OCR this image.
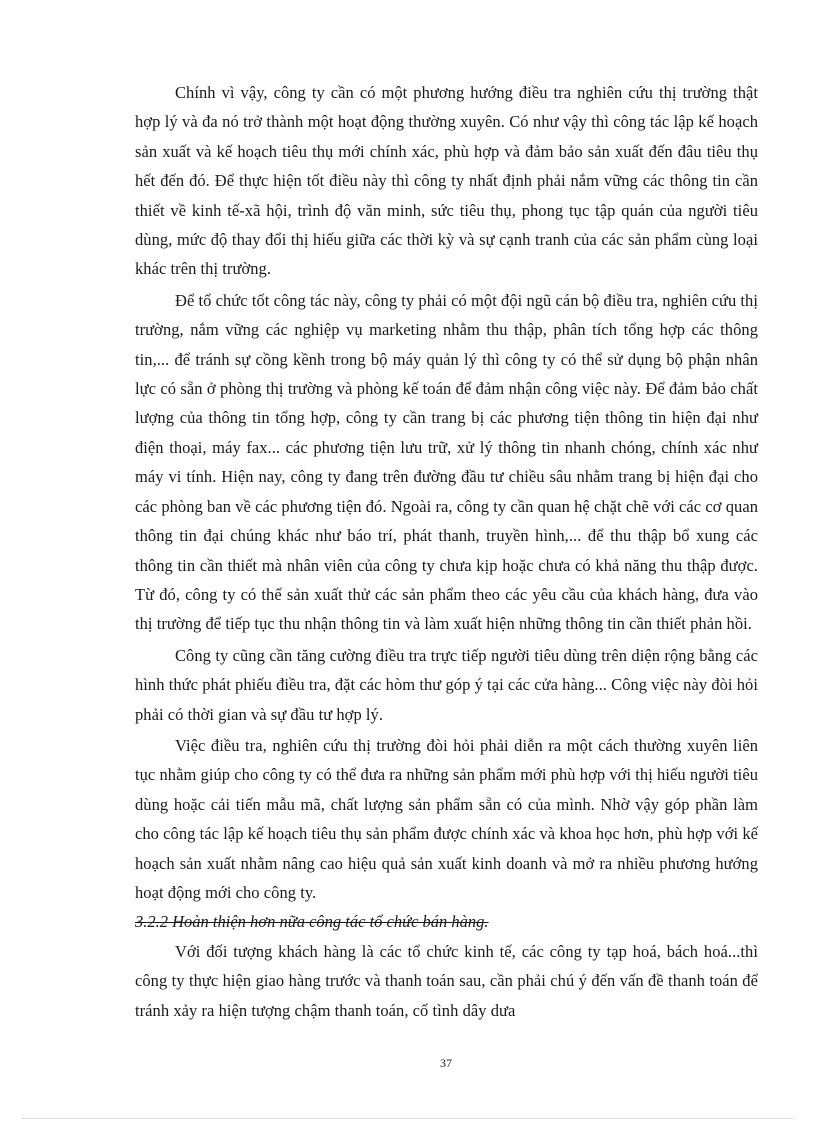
Chính vì vậy, công ty cần có một phương hướng điều tra nghiên cứu thị trường thật hợp lý và đa nó trở thành một hoạt động thường xuyên. Có như vậy thì công tác lập kế hoạch sản xuất và kế hoạch tiêu thụ mới chính xác, phù hợp và đảm bảo sản xuất đến đâu tiêu thụ hết đến đó. Để thực hiện tốt điều này thì công ty nhất định phải nắm vững các thông tin cần thiết về kinh tế-xã hội, trình độ văn minh, sức tiêu thụ, phong tục tập quán của người tiêu dùng, mức độ thay đổi thị hiếu giữa các thời kỳ và sự cạnh tranh của các sản phẩm cùng loại khác trên thị trường.

Để tổ chức tốt công tác này, công ty phải có một đội ngũ cán bộ điều tra, nghiên cứu thị trường, nắm vững các nghiệp vụ marketing nhằm thu thập, phân tích tổng hợp các thông tin,... để tránh sự cồng kềnh trong bộ máy quản lý thì công ty có thể sử dụng bộ phận nhân lực có sẵn ở phòng thị trường và phòng kế toán để đảm nhận công việc này. Để đảm bảo chất lượng của thông tin tổng hợp, công ty cần trang bị các phương tiện thông tin hiện đại như điện thoại, máy fax... các phương tiện lưu trữ, xử lý thông tin nhanh chóng, chính xác như máy vi tính. Hiện nay, công ty đang trên đường đầu tư chiều sâu nhằm trang bị hiện đại cho các phòng ban về các phương tiện đó. Ngoài ra, công ty cần quan hệ chặt chẽ với các cơ quan thông tin đại chúng khác như báo trí, phát thanh, truyền hình,... để thu thập bổ xung các thông tin cần thiết mà nhân viên của công ty chưa kịp hoặc chưa có khả năng thu thập được. Từ đó, công ty có thể sản xuất thử các sản phẩm theo các yêu cầu của khách hàng, đưa vào thị trường để tiếp tục thu nhận thông tin và làm xuất hiện những thông tin cần thiết phản hồi.

Công ty cũng cần tăng cường điều tra trực tiếp người tiêu dùng trên diện rộng bằng các hình thức phát phiếu điều tra, đặt các hòm thư góp ý tại các cửa hàng... Công việc này đòi hỏi phải có thời gian và sự đầu tư hợp lý.

Việc điều tra, nghiên cứu thị trường đòi hỏi phải diễn ra một cách thường xuyên liên tục nhằm giúp cho công ty có thể đưa ra những sản phẩm mới phù hợp với thị hiếu người tiêu dùng hoặc cải tiến mẫu mã, chất lượng sản phẩm sẵn có của mình. Nhờ vậy góp phần làm cho công tác lập kế hoạch tiêu thụ sản phẩm được chính xác và khoa học hơn, phù hợp với kế hoạch sản xuất nhằm nâng cao hiệu quả sản xuất kinh doanh và mở ra nhiều phương hướng hoạt động mới cho công ty.

3.2.2 Hoàn thiện hơn nữa công tác tổ chức bán hàng.

Với đối tượng khách hàng là các tổ chức kinh tế, các công ty tạp hoá, bách hoá...thì công ty thực hiện giao hàng trước và thanh toán sau, cần phải chú ý đến vấn đề thanh toán để tránh xảy ra hiện tượng chậm thanh toán, cố tình dây dưa

37
